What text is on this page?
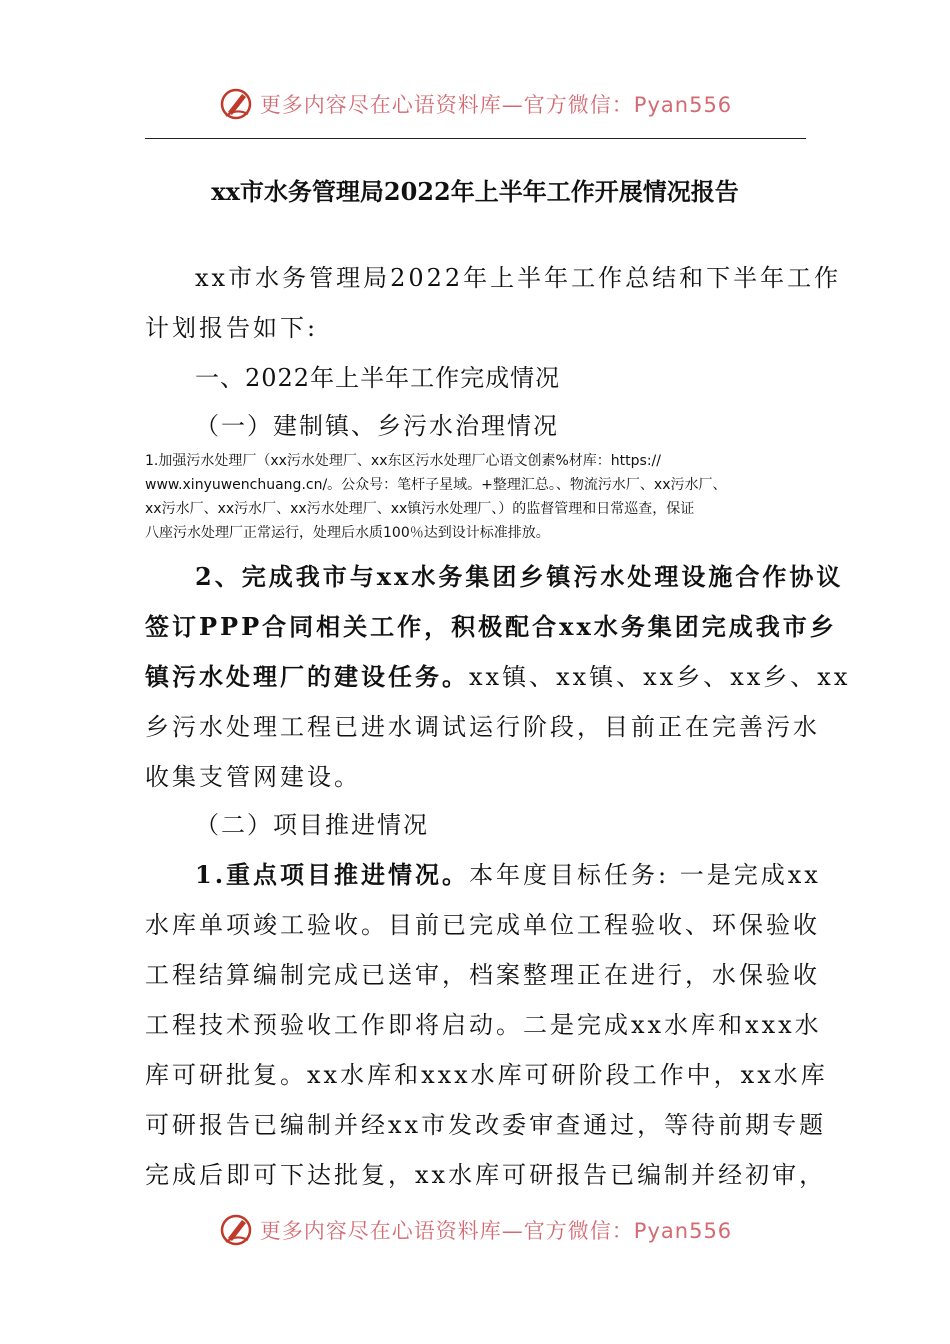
更多内容尽在心语资料库—官方微信：Pyan556
xx市水务管理局2022年上半年工作开展情况报告
xx市水务管理局2022年上半年工作总结和下半年工作
计划报告如下:
一、2022年上半年工作完成情况
（一）建制镇、乡污水治理情况
1.加强污水处理厂（xx污水处理厂、xx东区污水处理厂心语文创素%材库：https://
www.xinyuwenchuang.cn/。公众号：笔杆子星域。+整理汇总。、物流污水厂、xx污水厂、
xx污水厂、xx污水厂、xx污水处理厂、xx镇污水处理厂、）的监督管理和日常巡查，保证
八座污水处理厂正常运行，处理后水质100％达到设计标准排放。
2、完成我市与xx水务集团乡镇污水处理设施合作协议
签订PPP合同相关工作，积极配合xx水务集团完成我市乡
镇污水处理厂的建设任务。xx镇、xx镇、xx乡、xx乡、xx
乡污水处理工程已进水调试运行阶段，目前正在完善污水
收集支管网建设。
（二）项目推进情况
1.重点项目推进情况。本年度目标任务: 一是完成xx
水库单项竣工验收。目前已完成单位工程验收、环保验收
工程结算编制完成已送审，档案整理正在进行，水保验收
工程技术预验收工作即将启动。二是完成xx水库和xxx水
库可研批复。xx水库和xxx水库可研阶段工作中，xx水库
可研报告已编制并经xx市发改委审查通过，等待前期专题
完成后即可下达批复，xx水库可研报告已编制并经初审，
更多内容尽在心语资料库—官方微信：Pyan556
